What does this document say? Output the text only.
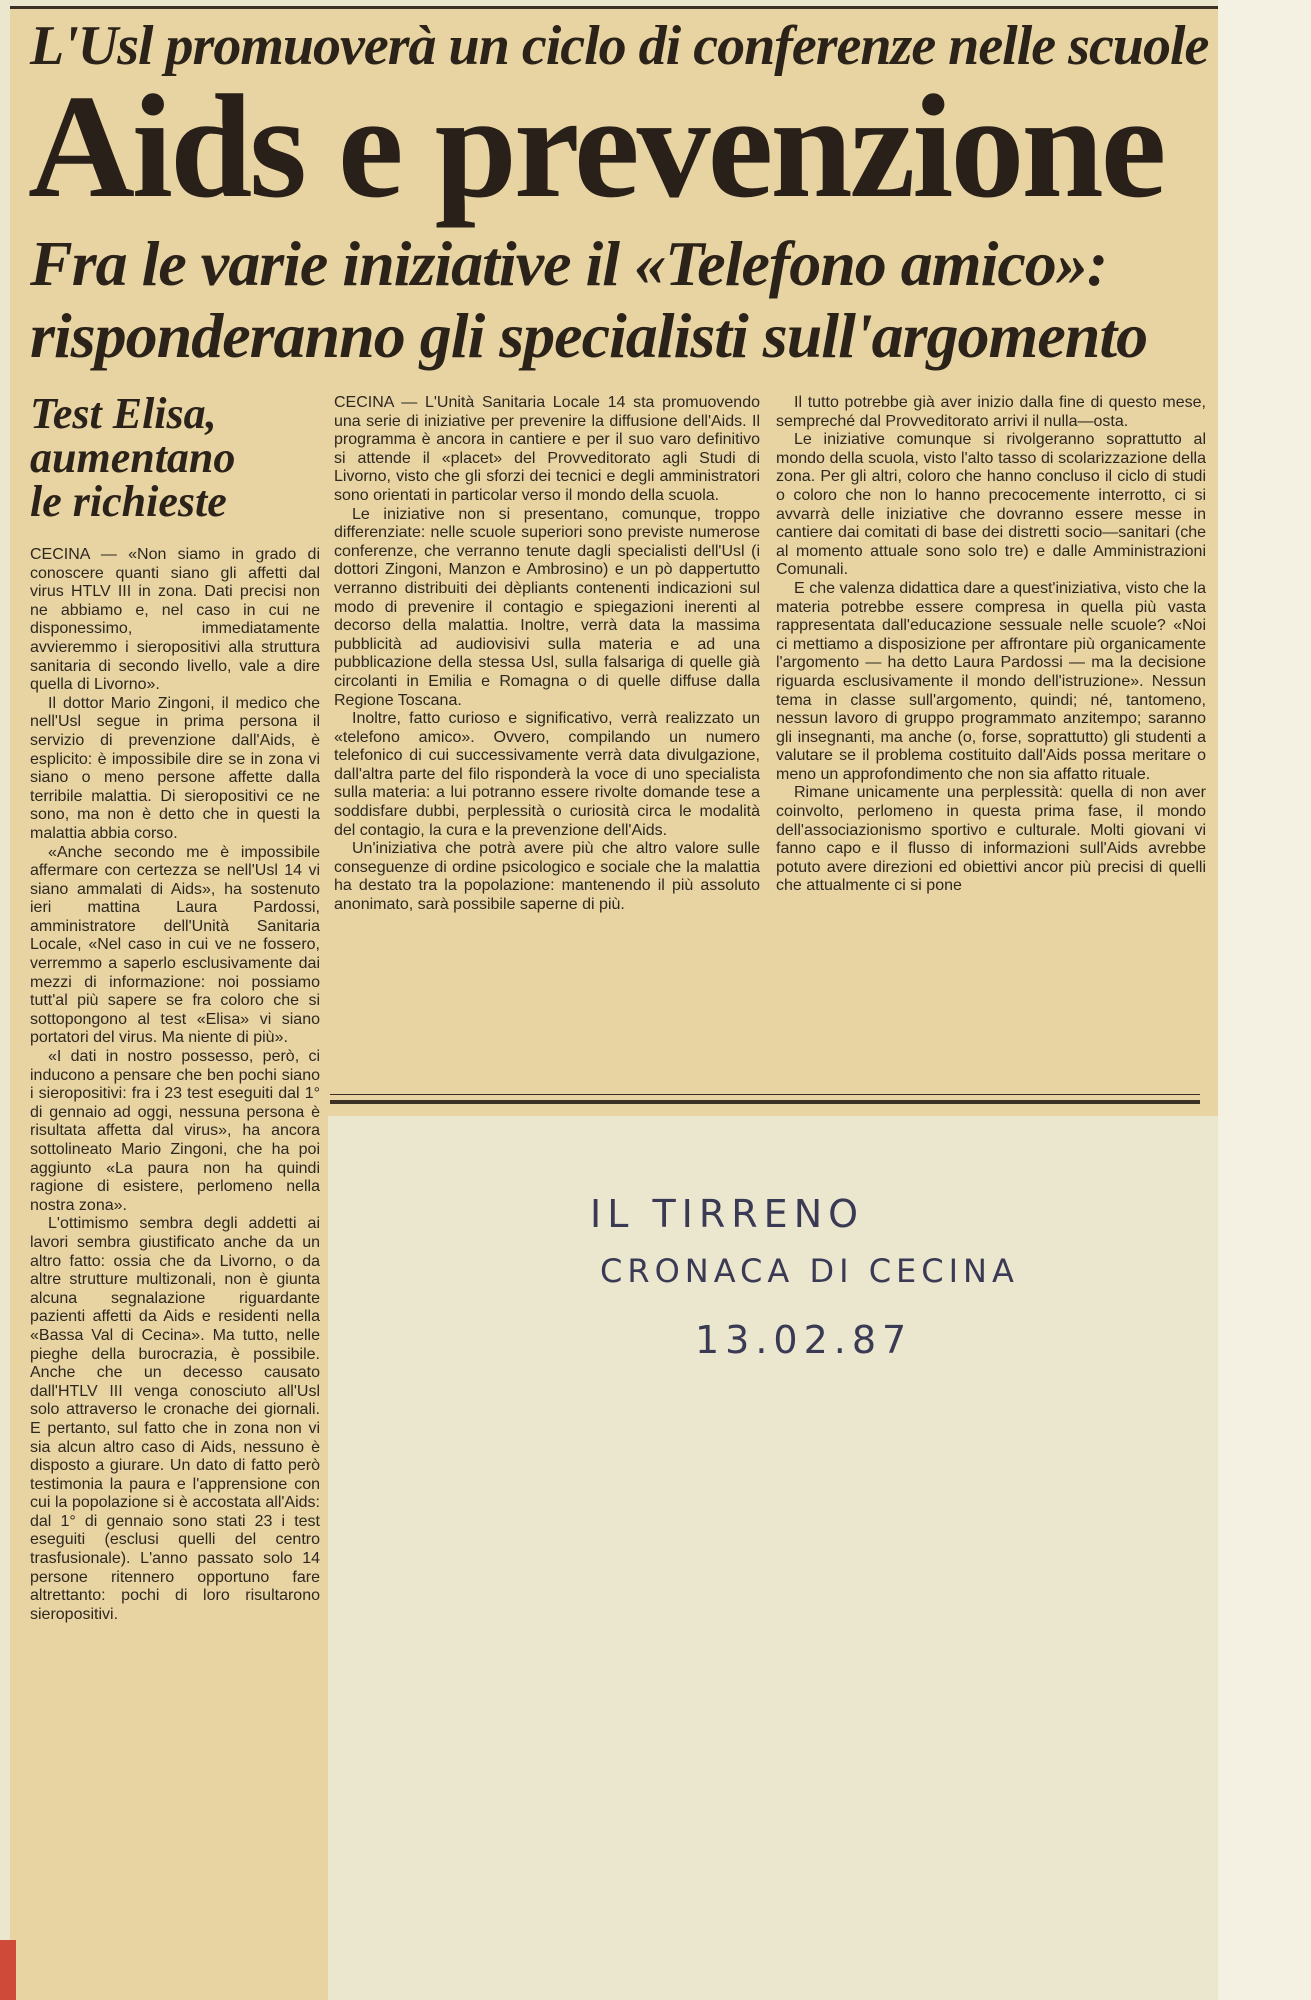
L'Usl promuoverà un ciclo di conferenze nelle scuole
Aids e prevenzione
Fra le varie iniziative il «Telefono amico»:
risponderanno gli specialisti sull'argomento
Test Elisa,
aumentano
le richieste

CECINA — «Non siamo in grado di conoscere quanti siano gli affetti dal virus HTLV III in zona. Dati precisi non ne abbiamo e, nel caso in cui ne disponessimo, immediatamente avvieremmo i sieropositivi alla struttura sanitaria di secondo livello, vale a dire quella di Livorno».

Il dottor Mario Zingoni, il medico che nell'Usl segue in prima persona il servizio di prevenzione dall'Aids, è esplicito: è impossibile dire se in zona vi siano o meno persone affette dalla terribile malattia. Di sieropositivi ce ne sono, ma non è detto che in questi la malattia abbia corso.

«Anche secondo me è impossibile affermare con certezza se nell'Usl 14 vi siano ammalati di Aids», ha sostenuto ieri mattina Laura Pardossi, amministratore dell'Unità Sanitaria Locale, «Nel caso in cui ve ne fossero, verremmo a saperlo esclusivamente dai mezzi di informazione: noi possiamo tutt'al più sapere se fra coloro che si sottopongono al test «Elisa» vi siano portatori del virus. Ma niente di più».

«I dati in nostro possesso, però, ci inducono a pensare che ben pochi siano i sieropositivi: fra i 23 test eseguiti dal 1° di gennaio ad oggi, nessuna persona è risultata affetta dal virus», ha ancora sottolineato Mario Zingoni, che ha poi aggiunto «La paura non ha quindi ragione di esistere, perlomeno nella nostra zona».

L'ottimismo sembra degli addetti ai lavori sembra giustificato anche da un altro fatto: ossia che da Livorno, o da altre strutture multizonali, non è giunta alcuna segnalazione riguardante pazienti affetti da Aids e residenti nella «Bassa Val di Cecina». Ma tutto, nelle pieghe della burocrazia, è possibile. Anche che un decesso causato dall'HTLV III venga conosciuto all'Usl solo attraverso le cronache dei giornali. E pertanto, sul fatto che in zona non vi sia alcun altro caso di Aids, nessuno è disposto a giurare. Un dato di fatto però testimonia la paura e l'apprensione con cui la popolazione si è accostata all'Aids: dal 1° di gennaio sono stati 23 i test eseguiti (esclusi quelli del centro trasfusionale). L'anno passato solo 14 persone ritennero opportuno fare altrettanto: pochi di loro risultarono sieropositivi.

CECINA — L'Unità Sanitaria Locale 14 sta promuovendo una serie di iniziative per prevenire la diffusione dell'Aids. Il programma è ancora in cantiere e per il suo varo definitivo si attende il «placet» del Provveditorato agli Studi di Livorno, visto che gli sforzi dei tecnici e degli amministratori sono orientati in particolar verso il mondo della scuola.

Le iniziative non si presentano, comunque, troppo differenziate: nelle scuole superiori sono previste numerose conferenze, che verranno tenute dagli specialisti dell'Usl (i dottori Zingoni, Manzon e Ambrosino) e un pò dappertutto verranno distribuiti dei dèpliants contenenti indicazioni sul modo di prevenire il contagio e spiegazioni inerenti al decorso della malattia. Inoltre, verrà data la massima pubblicità ad audiovisivi sulla materia e ad una pubblicazione della stessa Usl, sulla falsariga di quelle già circolanti in Emilia e Romagna o di quelle diffuse dalla Regione Toscana.

Inoltre, fatto curioso e significativo, verrà realizzato un «telefono amico». Ovvero, compilando un numero telefonico di cui successivamente verrà data divulgazione, dall'altra parte del filo risponderà la voce di uno specialista sulla materia: a lui potranno essere rivolte domande tese a soddisfare dubbi, perplessità o curiosità circa le modalità del contagio, la cura e la prevenzione dell'Aids.

Un'iniziativa che potrà avere più che altro valore sulle conseguenze di ordine psicologico e sociale che la malattia ha destato tra la popolazione: mantenendo il più assoluto anonimato, sarà possibile saperne di più.

Il tutto potrebbe già aver inizio dalla fine di questo mese, sempreché dal Provveditorato arrivi il nulla—osta.

Le iniziative comunque si rivolgeranno soprattutto al mondo della scuola, visto l'alto tasso di scolarizzazione della zona. Per gli altri, coloro che hanno concluso il ciclo di studi o coloro che non lo hanno precocemente interrotto, ci si avvarrà delle iniziative che dovranno essere messe in cantiere dai comitati di base dei distretti socio—sanitari (che al momento attuale sono solo tre) e dalle Amministrazioni Comunali.

E che valenza didattica dare a quest'iniziativa, visto che la materia potrebbe essere compresa in quella più vasta rappresentata dall'educazione sessuale nelle scuole? «Noi ci mettiamo a disposizione per affrontare più organicamente l'argomento — ha detto Laura Pardossi — ma la decisione riguarda esclusivamente il mondo dell'istruzione». Nessun tema in classe sull'argomento, quindi; né, tantomeno, nessun lavoro di gruppo programmato anzitempo; saranno gli insegnanti, ma anche (o, forse, soprattutto) gli studenti a valutare se il problema costituito dall'Aids possa meritare o meno un approfondimento che non sia affatto rituale.

Rimane unicamente una perplessità: quella di non aver coinvolto, perlomeno in questa prima fase, il mondo dell'associazionismo sportivo e culturale. Molti giovani vi fanno capo e il flusso di informazioni sull'Aids avrebbe potuto avere direzioni ed obiettivi ancor più precisi di quelli che attualmente ci si pone

IL TIRRENO
CRONACA DI CECINA
13.02.87
